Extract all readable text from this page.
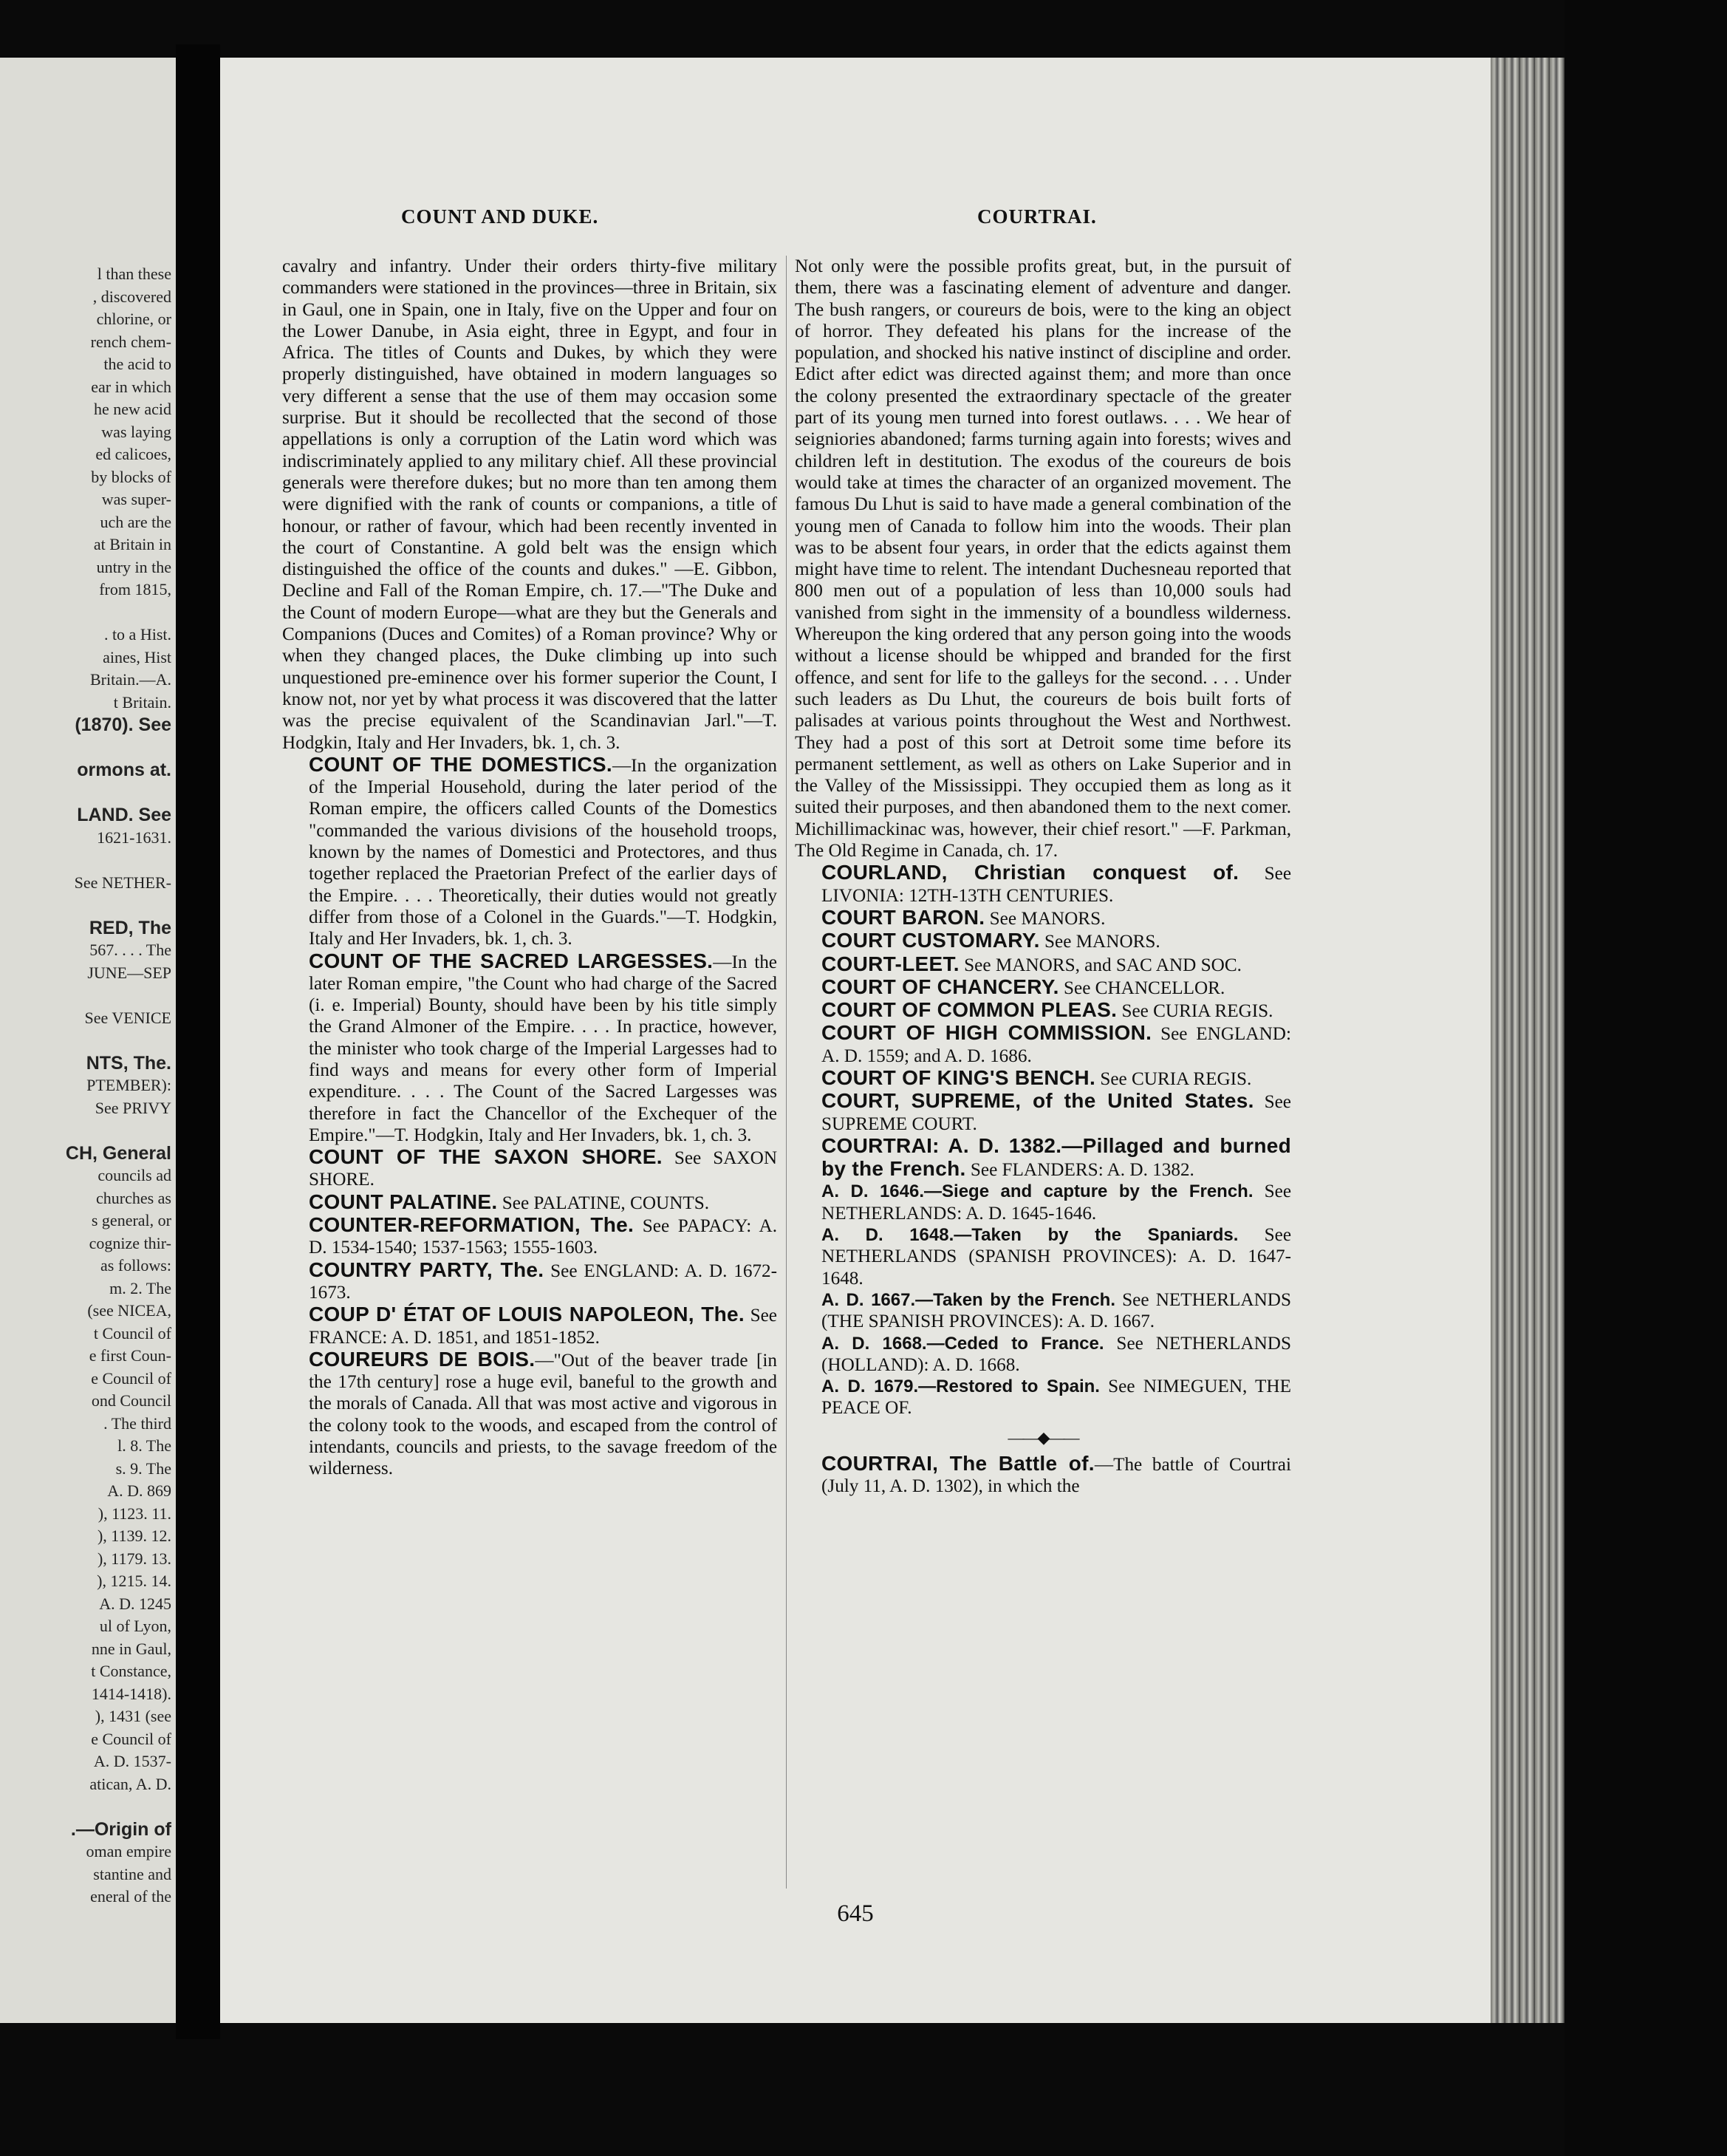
l than these
, discovered
chlorine, or
rench chem-
the acid to
ear in which
he new acid
was laying
ed calicoes,
by blocks of
was super-
uch are the
at Britain in
untry in the
from 1815,
. to a Hist.
aines, Hist
Britain.—A.
t Britain.
(1870). See
ormons at.
LAND. See
1621-1631.
See NETHER-
RED, The
567. . . . The
JUNE—SEP
See VENICE
NTS, The.
PTEMBER):
See PRIVY
CH, General
councils ad
churches as
s general, or
cognize thir-
as follows:
m. 2. The
(see NICEA,
t Council of
e first Coun-
e Council of
ond Council
. The third
l. 8. The
s. 9. The
A. D. 869
), 1123. 11.
), 1139. 12.
), 1179. 13.
), 1215. 14.
A. D. 1245
ul of Lyon,
nne in Gaul,
t Constance,
1414-1418).
), 1431 (see
e Council of
A. D. 1537-
atican, A. D.
.—Origin of
oman empire
stantine and
eneral of the
COUNT AND DUKE.	COURTRAI.

cavalry and infantry. Under their orders thirty-five military commanders were stationed in the provinces—three in Britain, six in Gaul, one in Spain, one in Italy, five on the Upper and four on the Lower Danube, in Asia eight, three in Egypt, and four in Africa. The titles of Counts and Dukes, by which they were properly distinguished, have obtained in modern languages so very different a sense that the use of them may occasion some surprise. But it should be recollected that the second of those appellations is only a corruption of the Latin word which was indiscriminately applied to any military chief. All these provincial generals were therefore dukes; but no more than ten among them were dignified with the rank of counts or companions, a title of honour, or rather of favour, which had been recently invented in the court of Constantine. A gold belt was the ensign which distinguished the office of the counts and dukes." —E. Gibbon, Decline and Fall of the Roman Empire, ch. 17.—"The Duke and the Count of modern Europe—what are they but the Generals and Companions (Duces and Comites) of a Roman province? Why or when they changed places, the Duke climbing up into such unquestioned pre-eminence over his former superior the Count, I know not, nor yet by what process it was discovered that the latter was the precise equivalent of the Scandinavian Jarl."—T. Hodgkin, Italy and Her Invaders, bk. 1, ch. 3.

COUNT OF THE DOMESTICS.—In the organization of the Imperial Household, during the later period of the Roman empire, the officers called Counts of the Domestics "commanded the various divisions of the household troops, known by the names of Domestici and Protectores, and thus together replaced the Praetorian Prefect of the earlier days of the Empire. . . . Theoretically, their duties would not greatly differ from those of a Colonel in the Guards."—T. Hodgkin, Italy and Her Invaders, bk. 1, ch. 3.

COUNT OF THE SACRED LARGESSES.—In the later Roman empire, "the Count who had charge of the Sacred (i. e. Imperial) Bounty, should have been by his title simply the Grand Almoner of the Empire. . . . In practice, however, the minister who took charge of the Imperial Largesses had to find ways and means for every other form of Imperial expenditure. . . . The Count of the Sacred Largesses was therefore in fact the Chancellor of the Exchequer of the Empire."—T. Hodgkin, Italy and Her Invaders, bk. 1, ch. 3.

COUNT OF THE SAXON SHORE. See SAXON SHORE.

COUNT PALATINE. See PALATINE, COUNTS.

COUNTER-REFORMATION, The. See PAPACY: A. D. 1534-1540; 1537-1563; 1555-1603.

COUNTRY PARTY, The. See ENGLAND: A. D. 1672-1673.

COUP D' ÉTAT OF LOUIS NAPOLEON, The. See FRANCE: A. D. 1851, and 1851-1852.

COUREURS DE BOIS.—"Out of the beaver trade [in the 17th century] rose a huge evil, baneful to the growth and the morals of Canada. All that was most active and vigorous in the colony took to the woods, and escaped from the control of intendants, councils and priests, to the savage freedom of the wilderness.

Not only were the possible profits great, but, in the pursuit of them, there was a fascinating element of adventure and danger. The bush rangers, or coureurs de bois, were to the king an object of horror. They defeated his plans for the increase of the population, and shocked his native instinct of discipline and order. Edict after edict was directed against them; and more than once the colony presented the extraordinary spectacle of the greater part of its young men turned into forest outlaws. . . . We hear of seigniories abandoned; farms turning again into forests; wives and children left in destitution. The exodus of the coureurs de bois would take at times the character of an organized movement. The famous Du Lhut is said to have made a general combination of the young men of Canada to follow him into the woods. Their plan was to be absent four years, in order that the edicts against them might have time to relent. The intendant Duchesneau reported that 800 men out of a population of less than 10,000 souls had vanished from sight in the immensity of a boundless wilderness. Whereupon the king ordered that any person going into the woods without a license should be whipped and branded for the first offence, and sent for life to the galleys for the second. . . . Under such leaders as Du Lhut, the coureurs de bois built forts of palisades at various points throughout the West and Northwest. They had a post of this sort at Detroit some time before its permanent settlement, as well as others on Lake Superior and in the Valley of the Mississippi. They occupied them as long as it suited their purposes, and then abandoned them to the next comer. Michillimackinac was, however, their chief resort." —F. Parkman, The Old Regime in Canada, ch. 17.

COURLAND, Christian conquest of. See LIVONIA: 12TH-13TH CENTURIES.

COURT BARON. See MANORS.

COURT CUSTOMARY. See MANORS.

COURT-LEET. See MANORS, and SAC AND SOC.

COURT OF CHANCERY. See CHANCELLOR.

COURT OF COMMON PLEAS. See CURIA REGIS.

COURT OF HIGH COMMISSION. See ENGLAND: A. D. 1559; and A. D. 1686.

COURT OF KING'S BENCH. See CURIA REGIS.

COURT, SUPREME, of the United States. See SUPREME COURT.

COURTRAI: A. D. 1382.—Pillaged and burned by the French. See FLANDERS: A. D. 1382.

A. D. 1646.—Siege and capture by the French. See NETHERLANDS: A. D. 1645-1646.

A. D. 1648.—Taken by the Spaniards. See NETHERLANDS (SPANISH PROVINCES): A. D. 1647-1648.

A. D. 1667.—Taken by the French. See NETHERLANDS (THE SPANISH PROVINCES): A. D. 1667.

A. D. 1668.—Ceded to France. See NETHERLANDS (HOLLAND): A. D. 1668.

A. D. 1679.—Restored to Spain. See NIMEGUEN, THE PEACE OF.

——◆——

COURTRAI, The Battle of.—The battle of Courtrai (July 11, A. D. 1302), in which the

645
